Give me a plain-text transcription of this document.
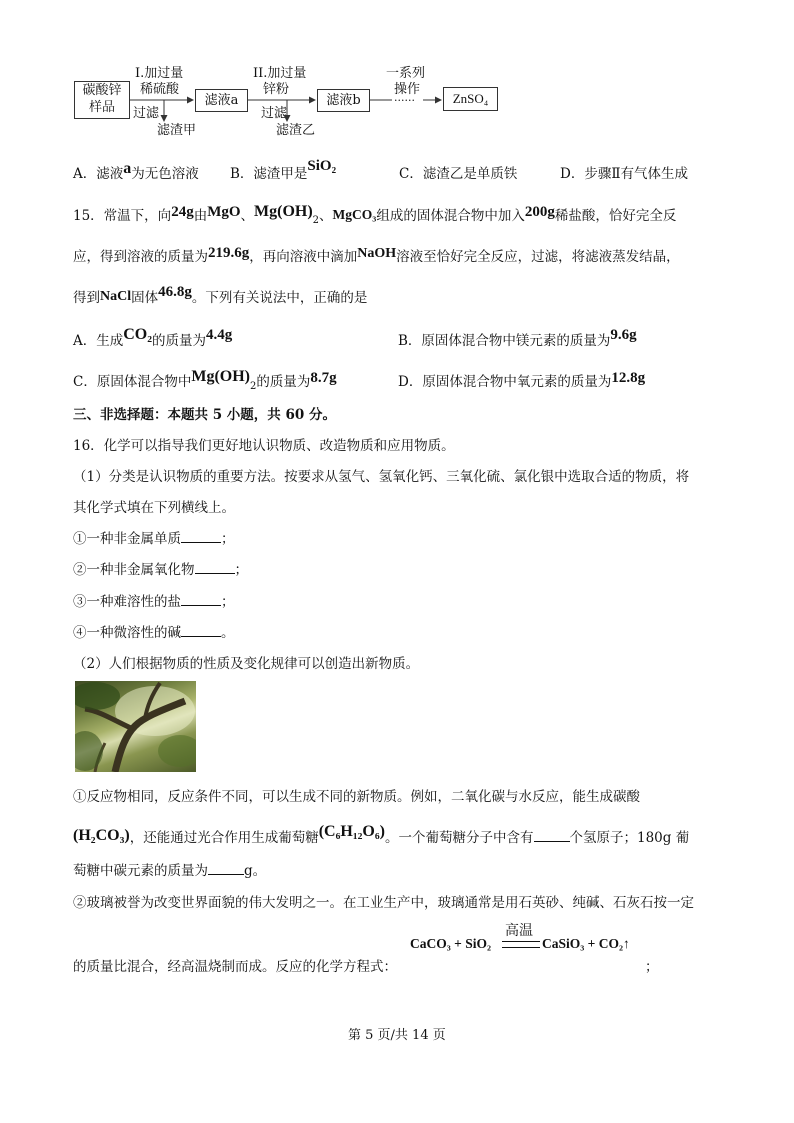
碳酸锌
样品
I.加过量
稀硫酸
过滤
滤渣甲
滤液a
II.加过量
锌粉
过滤
滤渣乙
滤液b
一系列
操作
······	ZnSO₄
A．滤液a为无色溶液 B．滤渣甲是SiO₂	C．滤渣乙是单质铁	D．步骤Ⅱ有气体生成
15．常温下，向24g由MgO、$Mg(OH)_2$、MgCO₃组成的固体混合物中加入200g稀盐酸，恰好完全反
应，得到溶液的质量为219.6g，再向溶液中滴加NaOH溶液至恰好完全反应，过滤，将滤液蒸发结晶，
得到NaCl固体46.8g。下列有关说法中，正确的是
A．生成CO₂的质量为4.4g	B．原固体混合物中镁元素的质量为9.6g
C．原固体混合物中$Mg(OH)_2$的质量为8.7g	D．原固体混合物中氧元素的质量为12.8g
三、非选择题：本题共 5 小题，共 60 分。
16．化学可以指导我们更好地认识物质、改造物质和应用物质。
（1）分类是认识物质的重要方法。按要求从氢气、氢氧化钙、三氧化硫、氯化银中选取合适的物质，将
其化学式填在下列横线上。
①一种非金属单质	；
②一种非金属氧化物	；
③一种难溶性的盐	；
④一种微溶性的碱	。
（2）人们根据物质的性质及变化规律可以创造出新物质。
①反应物相同，反应条件不同，可以生成不同的新物质。例如，二氧化碳与水反应，能生成碳酸
(H₂CO₃)，还能通过光合作用生成葡萄糖(C₆H₁₂O₆)。一个葡萄糖分子中含有	个氢原子；180g 葡
萄糖中碳元素的质量为	g。
②玻璃被誉为改变世界面貌的伟大发明之一。在工业生产中，玻璃通常是用石英砂、纯碱、石灰石按一定
的质量比混合，经高温烧制而成。反应的化学方程式：
CaCO₃ + SiO₂
高温
CaSiO₃ + CO₂↑
；
第 5 页/共 14 页
